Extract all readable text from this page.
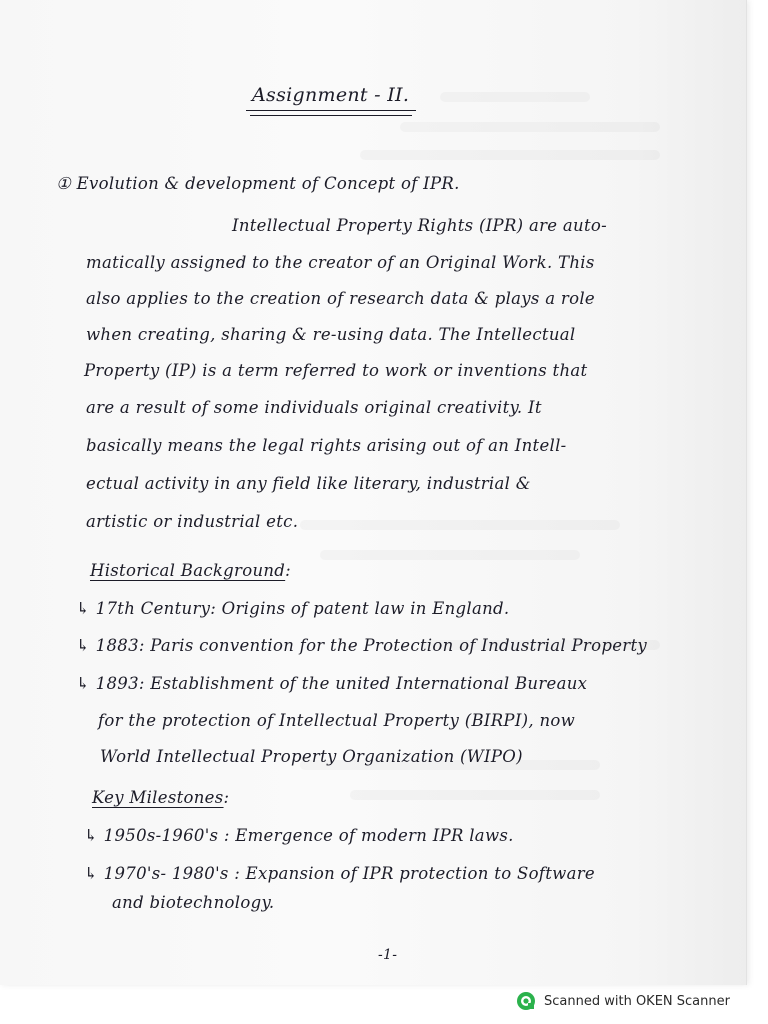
Assignment - II.
① Evolution & development of Concept of IPR.
Intellectual Property Rights (IPR) are auto-
matically assigned to the creator of an Original Work. This
also applies to the creation of research data & plays a role
when creating, sharing & re-using data. The Intellectual
Property (IP) is a term referred to work or inventions that
are a result of some individuals original creativity. It
basically means the legal rights arising out of an Intell-
ectual activity in any field like literary, industrial &
artistic or industrial etc.
Historical Background:
↳ 17th Century: Origins of patent law in England.
↳ 1883: Paris convention for the Protection of Industrial Property
↳ 1893: Establishment of the united International Bureaux
for the protection of Intellectual Property (BIRPI), now
World Intellectual Property Organization (WIPO)
Key Milestones:
↳ 1950s-1960's : Emergence of modern IPR laws.
↳ 1970's- 1980's : Expansion of IPR protection to Software
and biotechnology.
-1-
Scanned with OKEN Scanner
